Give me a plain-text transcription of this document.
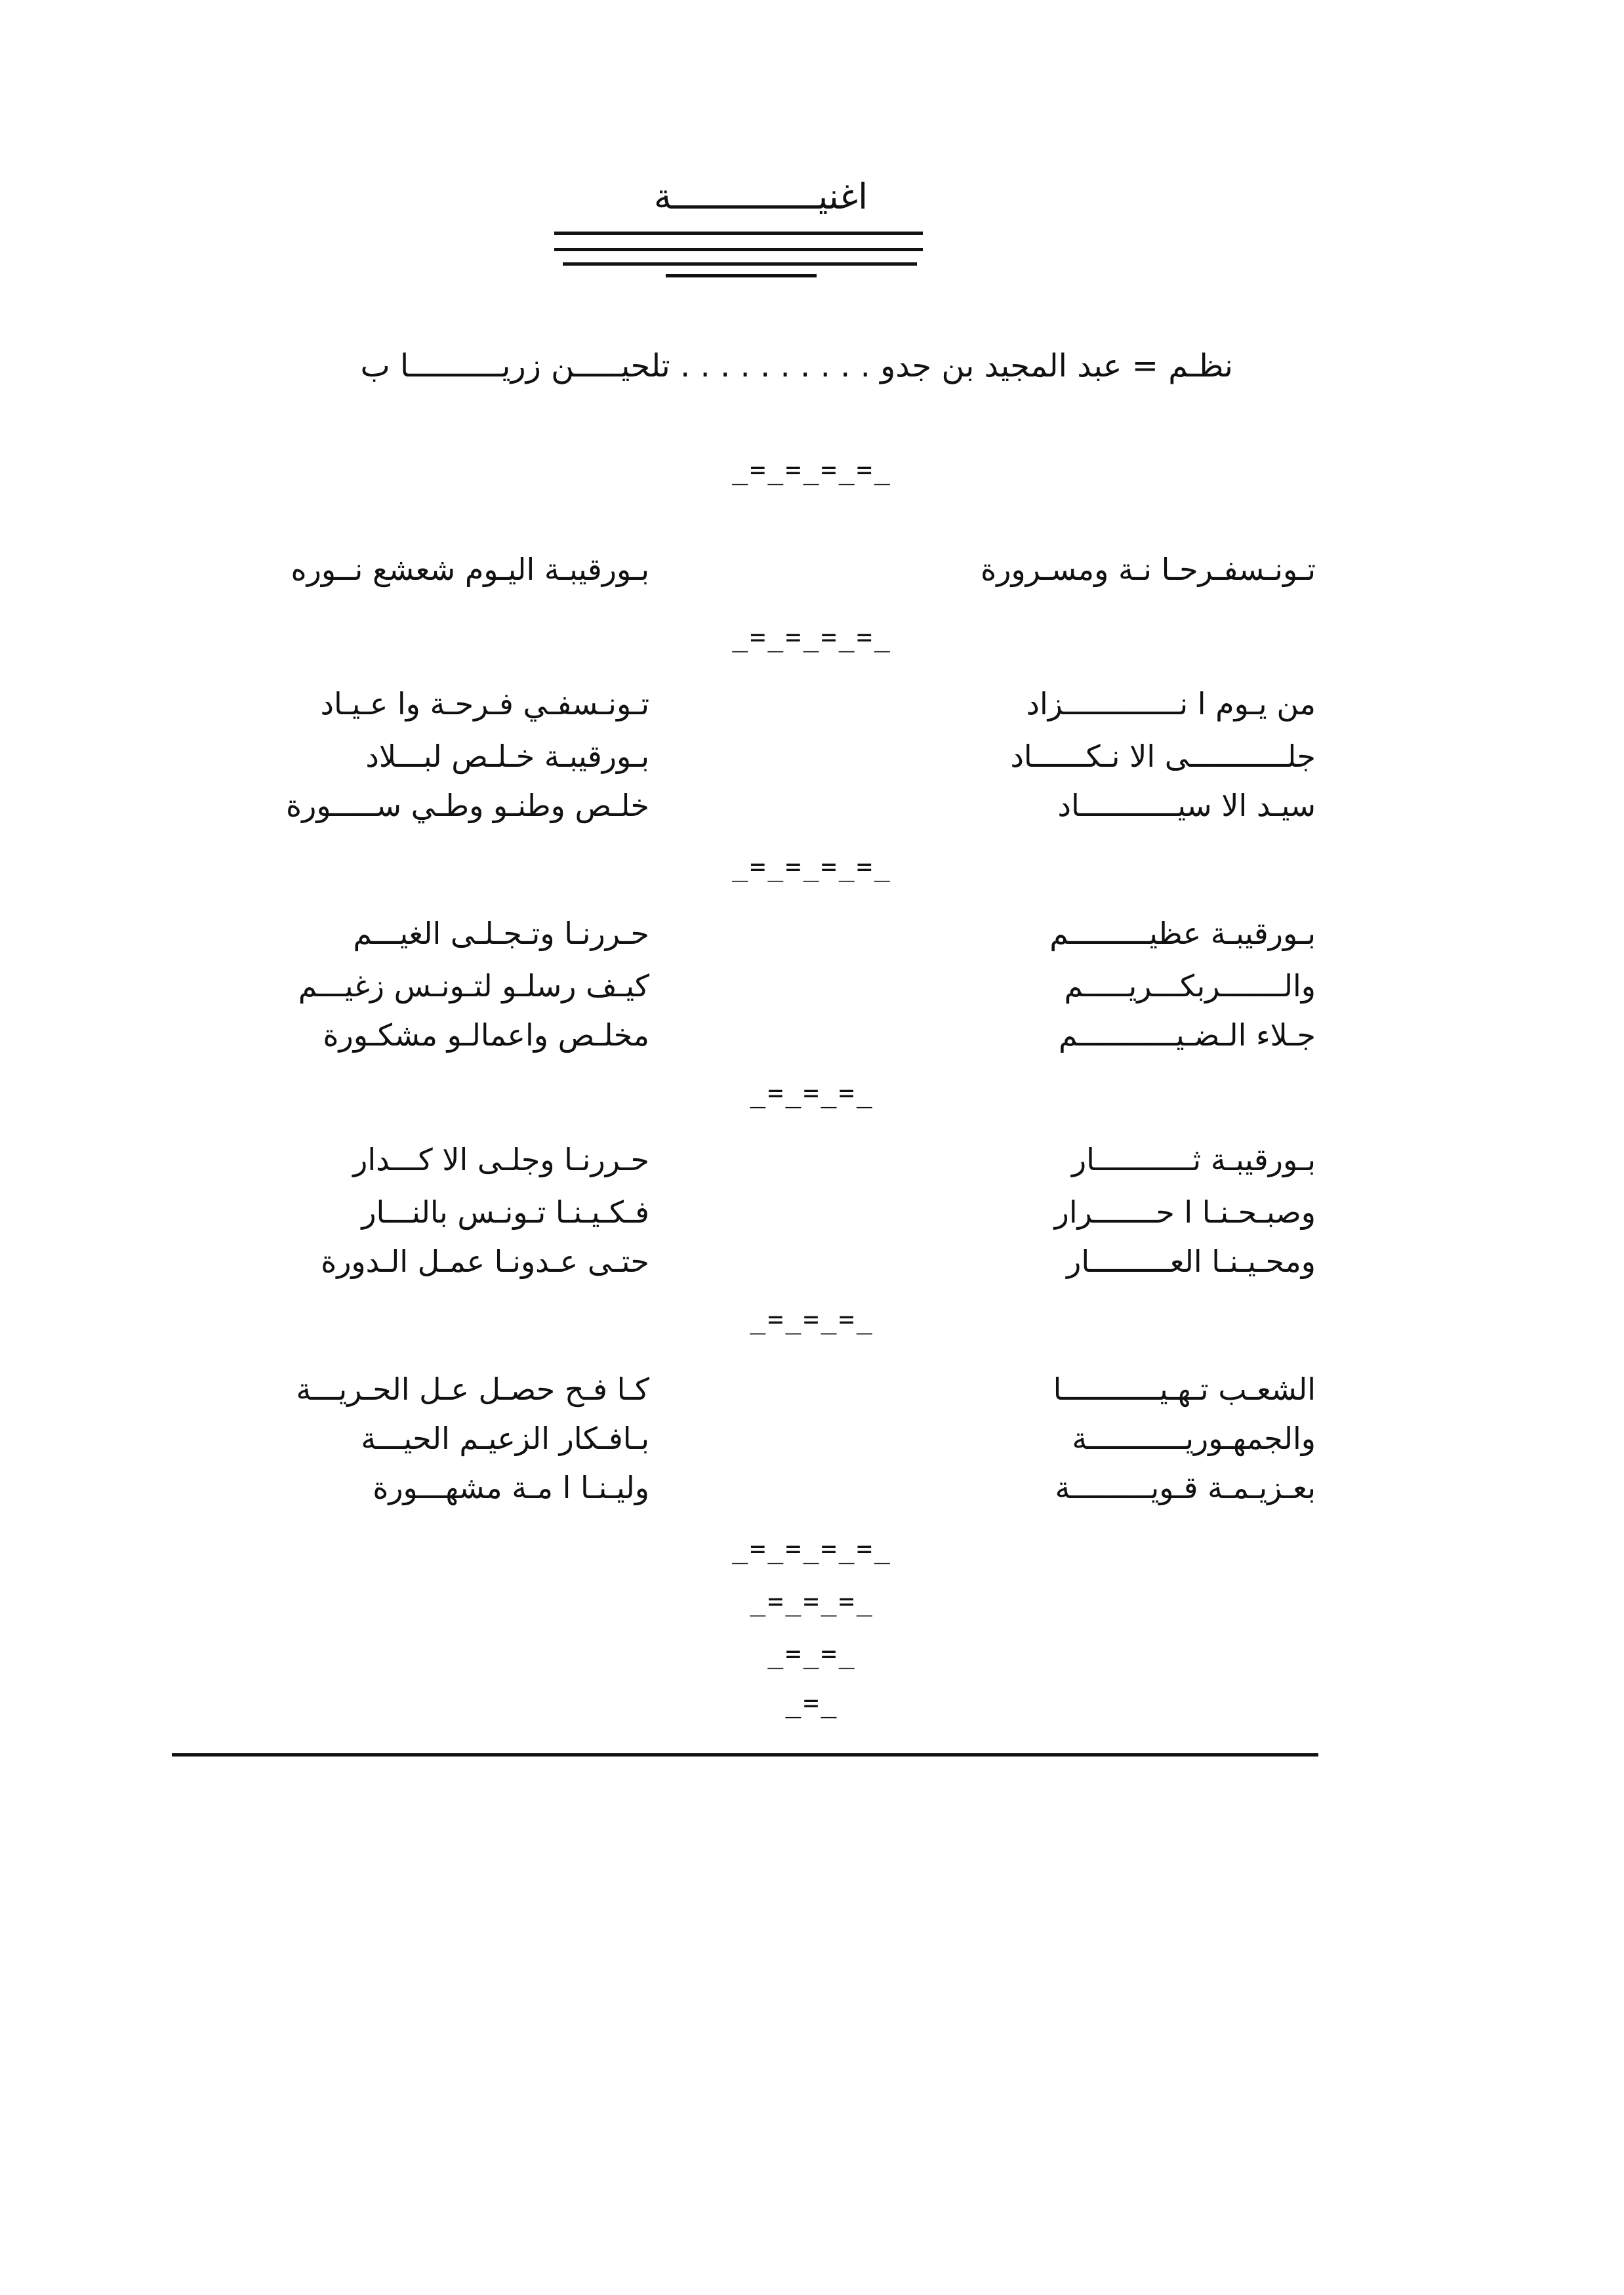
اغنيــــــــــــــة
نظـم = عبد المجيد بن جدو . . . . . . . . . . تلحيـــــن زريــــــــــا ب
_=_=_=_=_
تـونـسفـرحـا نـة ومسـرورة
بـورقيبـة اليـوم شعشع نــوره
_=_=_=_=_
من يـوم ا نـــــــــــــزاد
تـونـسفـي فـرحـة وا عـيـاد
جلـــــــــــى الا نـكــــــاد
بـورقيبـة خـلـص لبـــلاد
سيـد الا سيـــــــــــاد
خلـص وطنـو وطـي ســـــورة
_=_=_=_=_
بـورقيبـة عظيـــــــــم
حـررنـا وتـجـلـى الغيـــم
والـــــــربكـــريـــــم
كيـف رسلـو لتـونـس زغيـــم
جـلاء الـضـيـــــــــــم
مخلـص واعمالـو مشكـورة
_=_=_=_
بـورقيبـة ثـــــــــــار
حـررنـا وجلـى الا كـــدار
وصبـحـنـا ا حـــــــرار
فـكـيـنـا تـونـس بالنـــار
ومحـيـنـا العـــــــــار
حتـى عـدونـا عمـل الـدورة
_=_=_=_
الشعـب تـهـيـــــــــــا
كـا فـح حصـل عـل الحـريـــة
والجمهـوريـــــــــــة
بـافـكار الزعيـم الحيـــة
بعـزيـمـة قـويـــــــــة
وليـنـا ا مـة مشهـــورة
_=_=_=_=_
_=_=_=_
_=_=_
_=_
